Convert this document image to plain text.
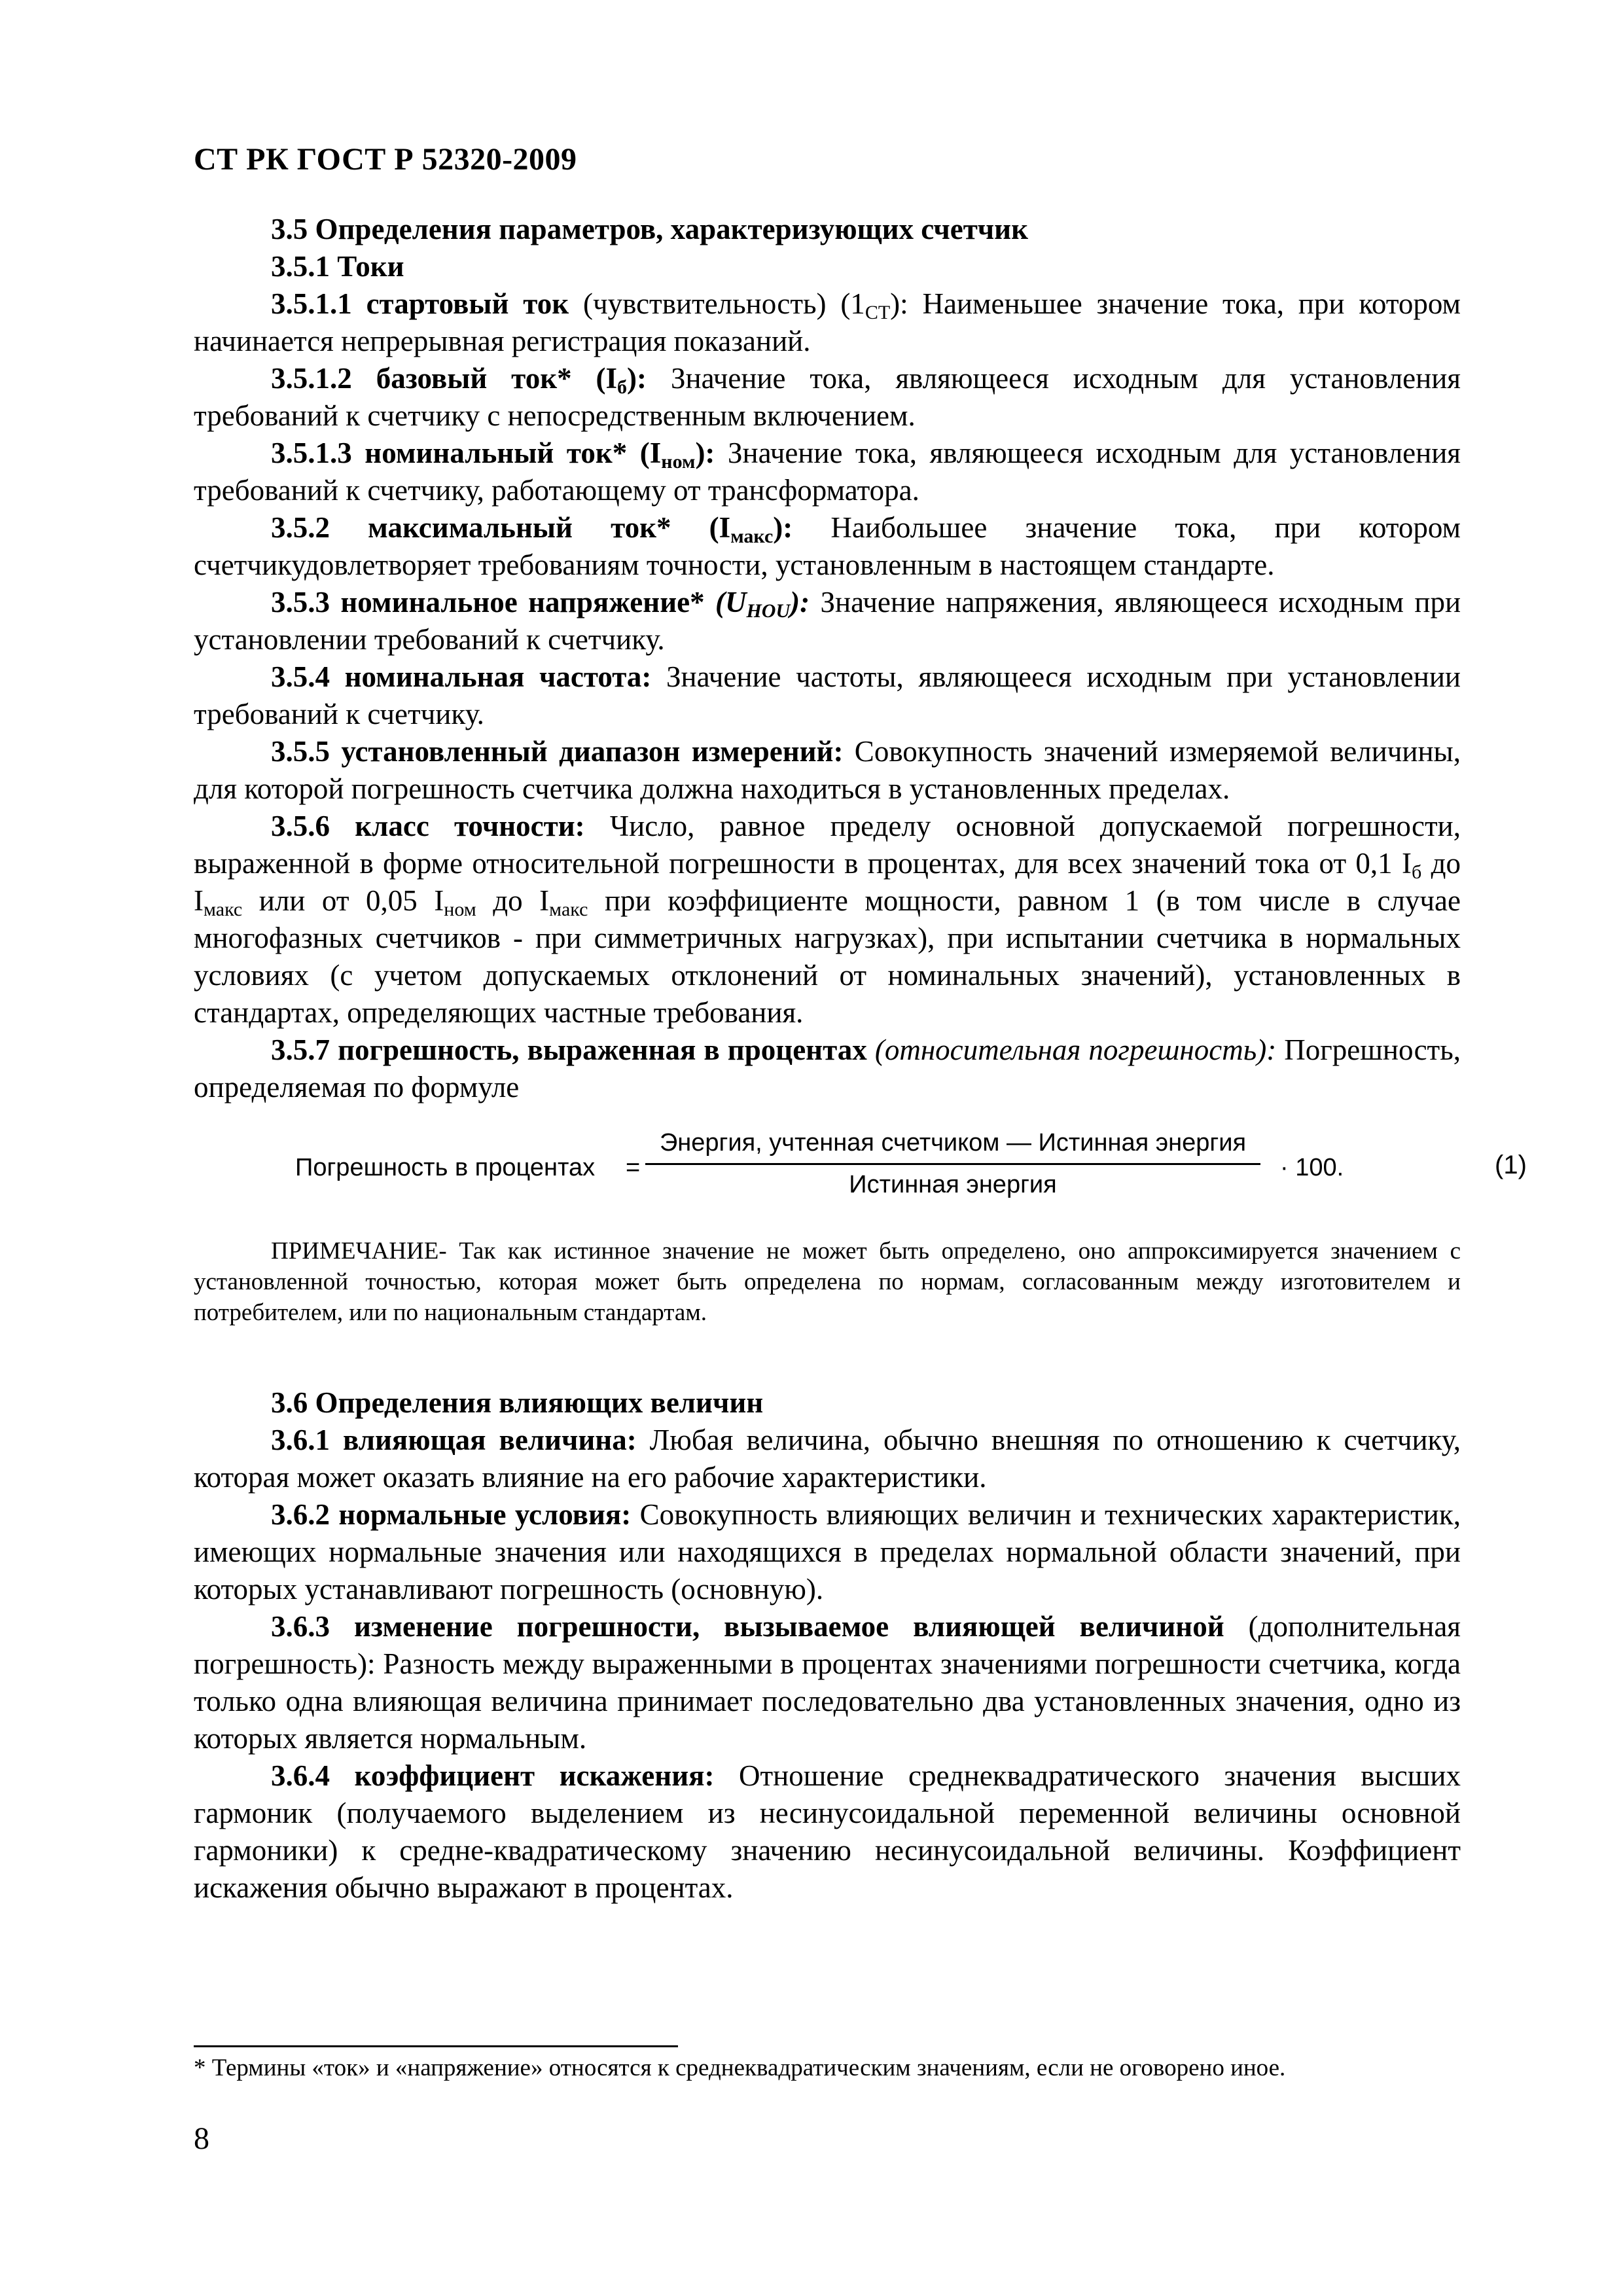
СТ РК ГОСТ Р 52320-2009

3.5 Определения параметров, характеризующих счетчик

3.5.1 Токи

3.5.1.1 стартовый ток (чувствительность) $(1_{СТ})$: Наименьшее значение тока, при котором начинается непрерывная регистрация показаний.

3.5.1.2 базовый ток* $(I_б)$: Значение тока, являющееся исходным для установления требований к счетчику с непосредственным включением.

3.5.1.3 номинальный ток* $(I_{ном})$: Значение тока, являющееся исходным для установления требований к счетчику, работающему от трансформатора.

3.5.2 максимальный ток* $(I_{макс})$: Наибольшее значение тока, при котором счетчикудовлетворяет требованиям точности, установленным в настоящем стандарте.

3.5.3 номинальное напряжение* $(U_{НОU})$: Значение напряжения, являющееся исходным при установлении требований к счетчику.

3.5.4 номинальная частота: Значение частоты, являющееся исходным при установлении требований к счетчику.

3.5.5 установленный диапазон измерений: Совокупность значений измеряемой величины, для которой погрешность счетчика должна находиться в установленных пределах.

3.5.6 класс точности: Число, равное пределу основной допускаемой погрешности, выраженной в форме относительной погрешности в процентах, для всех значений тока от 0,1 $I_б$ до $I_{макс}$ или от 0,05 $I_{ном}$ до $I_{макс}$ при коэффициенте мощности, равном 1 (в том числе в случае многофазных счетчиков - при симметричных нагрузках), при испытании счетчика в нормальных условиях (с учетом допускаемых отклонений от номинальных значений), установленных в стандартах, определяющих частные требования.

3.5.7 погрешность, выраженная в процентах (относительная погрешность): Погрешность, определяемая по формуле

Погрешность в процентах =
Энергия, учтенная счетчиком — Истинная энергия
Истинная энергия
· 100.	(1)

ПРИМЕЧАНИЕ- Так как истинное значение не может быть определено, оно аппроксимируется значением с установленной точностью, которая может быть определена по нормам, согласованным между изготовителем и потребителем, или по национальным стандартам.

3.6 Определения влияющих величин

3.6.1 влияющая величина: Любая величина, обычно внешняя по отношению к счетчику, которая может оказать влияние на его рабочие характеристики.

3.6.2 нормальные условия: Совокупность влияющих величин и технических характеристик, имеющих нормальные значения или находящихся в пределах нормальной области значений, при которых устанавливают погрешность (основную).

3.6.3 изменение погрешности, вызываемое влияющей величиной (дополнительная погрешность): Разность между выраженными в процентах значениями погрешности счетчика, когда только одна влияющая величина принимает последовательно два установленных значения, одно из которых является нормальным.

3.6.4 коэффициент искажения: Отношение среднеквадратического значения высших гармоник (получаемого выделением из несинусоидальной переменной величины основной гармоники) к средне-квадратическому значению несинусоидальной величины. Коэффициент искажения обычно выражают в процентах.

* Термины «ток» и «напряжение» относятся к среднеквадратическим значениям, если не оговорено иное.
8
